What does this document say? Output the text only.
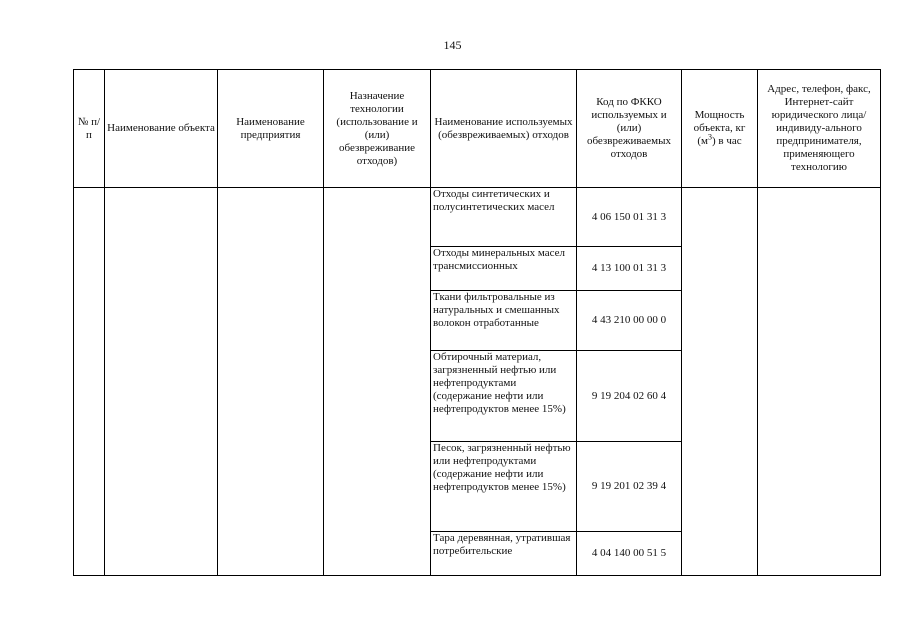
145
№ п/п	Наименование объекта	Наименование предприятия	Назначение технологии (использование и (или) обезвреживание отходов)	Наименование используемых (обезвреживаемых) отходов	Код по ФККО используемых и (или) обезвреживаемых отходов	Мощность объекта, кг $(м^3)$ в час	Адрес, телефон, факс, Интернет-сайт юридического лица/индивиду-ального предпринимателя, применяющего технологию
				Отходы синтетических и полусинтетических масел	4 06 150 01 31 3		
				Отходы минеральных масел трансмиссионных	4 13 100 01 31 3		
				Ткани фильтровальные из натуральных и смешанных волокон отработанные	4 43 210 00 00 0		
				Обтирочный материал, загрязненный нефтью или нефтепродуктами (содержание нефти или нефтепродуктов менее 15%)	9 19 204 02 60 4		
				Песок, загрязненный нефтью или нефтепродуктами (содержание нефти или нефтепродуктов менее 15%)	9 19 201 02 39 4		
				Тара деревянная, утратившая потребительские	4 04 140 00 51 5		
